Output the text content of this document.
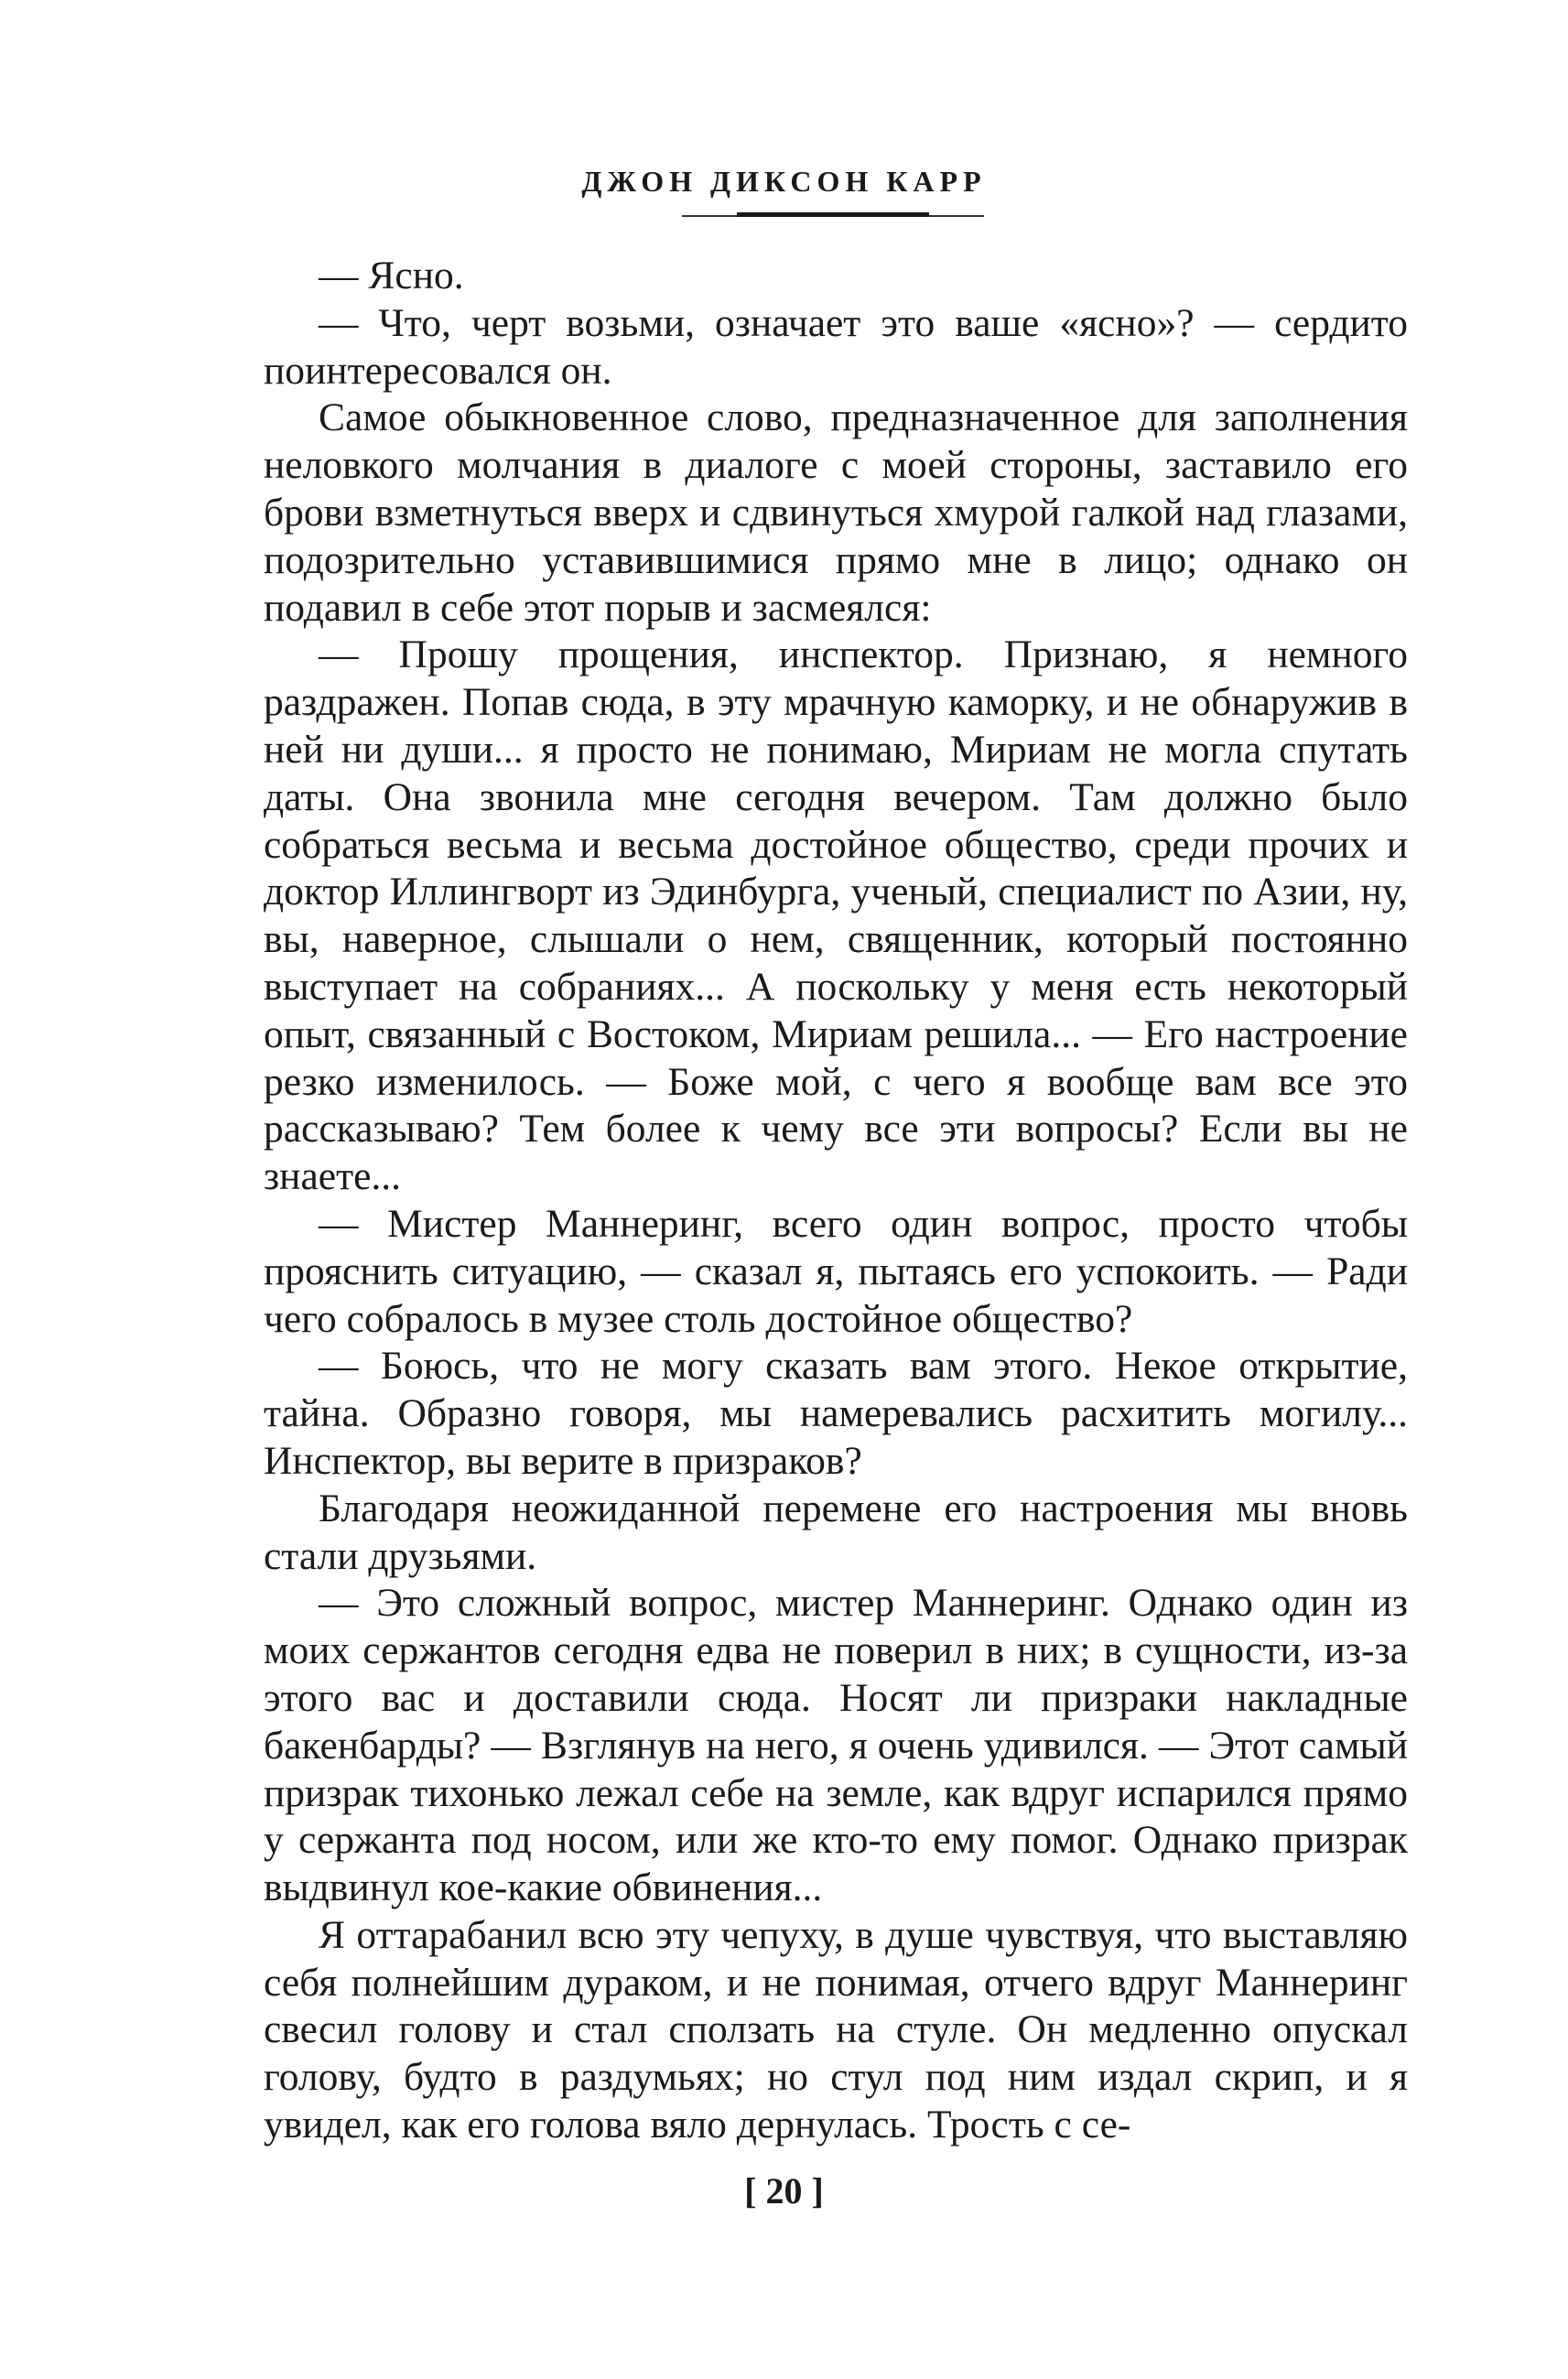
ДЖОН ДИКСОН КАРР

— Ясно.

— Что, черт возьми, означает это ваше «ясно»? — сердито поинтересовался он.

Самое обыкновенное слово, предназначенное для заполнения неловкого молчания в диалоге с моей стороны, заставило его брови взметнуться вверх и сдвинуться хмурой галкой над глазами, подозрительно уставившимися прямо мне в лицо; однако он подавил в себе этот порыв и засмеялся:

— Прошу прощения, инспектор. Признаю, я немного раздражен. Попав сюда, в эту мрачную каморку, и не обнаружив в ней ни души... я просто не понимаю, Мириам не могла спутать даты. Она звонила мне сегодня вечером. Там должно было собраться весьма и весьма достойное общество, среди прочих и доктор Иллингворт из Эдинбурга, ученый, специалист по Азии, ну, вы, наверное, слышали о нем, священник, который постоянно выступает на собраниях... А поскольку у меня есть некоторый опыт, связанный с Востоком, Мириам решила... — Его настроение резко изменилось. — Боже мой, с чего я вообще вам все это рассказываю? Тем более к чему все эти вопросы? Если вы не знаете...

— Мистер Маннеринг, всего один вопрос, просто чтобы прояснить ситуацию, — сказал я, пытаясь его успокоить. — Ради чего собралось в музее столь достойное общество?

— Боюсь, что не могу сказать вам этого. Некое открытие, тайна. Образно говоря, мы намеревались расхитить могилу... Инспектор, вы верите в призраков?

Благодаря неожиданной перемене его настроения мы вновь стали друзьями.

— Это сложный вопрос, мистер Маннеринг. Однако один из моих сержантов сегодня едва не поверил в них; в сущности, из-за этого вас и доставили сюда. Носят ли призраки накладные бакенбарды? — Взглянув на него, я очень удивился. — Этот самый призрак тихонько лежал себе на земле, как вдруг испарился прямо у сержанта под носом, или же кто-то ему помог. Однако призрак выдвинул кое-какие обвинения...

Я оттарабанил всю эту чепуху, в душе чувствуя, что выставляю себя полнейшим дураком, и не понимая, отчего вдруг Маннеринг свесил голову и стал сползать на стуле. Он медленно опускал голову, будто в раздумьях; но стул под ним издал скрип, и я увидел, как его голова вяло дернулась. Трость с се-

[ 20 ]
